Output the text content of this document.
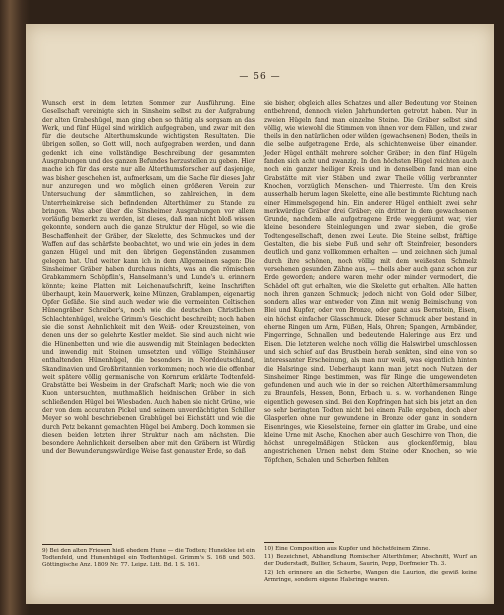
— 56 —

Wunsch erst in dem letzten Sommer zur Ausführung. Eine Gesellschaft vereinigte sich in Sinsheim selbst zu der Aufgrabung der alten Grabeshügel, man ging eben so thätig als sorgsam an das Werk, und fünf Hügel sind wirklich aufgegraben, und zwar mit den für die deutsche Alterthumskunde wichtigsten Resultaten. Die übrigen sollen, so Gott will, noch aufgegraben werden, und dann gedenkt ich eine vollständige Beschreibung der gesammten Ausgrabungen und des ganzen Befundes herzustellen zu geben. Hier mache ich für das erste nur alle Alterthumsforscher auf dasjenige, was bisher geschehen ist, aufmerksam, um die Sache für dieses Jahr nur anzuregen und wo möglich einen größeren Verein zur Untersuchung der sämmtlichen, so zahlreichen, in dem Unterrheinkreise sich befindenden Alterthümer zu Stande zu bringen. Was aber über die Sinsheimer Ausgrabungen vor allem vorläufig bemerkt zu werden, ist dieses, daß man nicht bloß wissen gekonnte, sondern auch die ganze Struktur der Hügel, so wie die Beschaffenheit der Gräber, der Skelette, des Schmuckes und der Waffen auf das schärfste beobachtet, wo und wie ein jedes in dem ganzen Hügel und mit den übrigen Gegenständen zusammen gelegen hat. Und weiter kann ich in dem Allgemeinen sagen: Die Sinsheimer Gräber haben durchaus nichts, was an die römischen Grabkammern Schöpflin's, Hanselmann's und Lunde's u. erinnern könnte; keine Platten mit Leichenaufschrift, keine Inschriften überhaupt, kein Mauerwerk, keine Münzen, Grablampen, eigenartig Opfer Gefäße. Sie sind auch weder wie die vermeinten Celtischen Hünengräber Schreiber's, noch wie die deutschen Christlichen Schlachtenhügel, welche Grimm's Geschicht beschreibt; noch haben sie die sonst Aehnlichkeit mit den Weiß- oder Kreuzsteinen, von denen uns der so gelehrte Kestler meldet. Sie sind auch nicht wie die Hünenbetten und wie die auswendig mit Steinlagen bedeckten und inwendig mit Steinen umsetzten und völlige Steinhäuser enthaltenden Hünenhügel, die besonders in Norddeutschland, Skandinavien und Großbritannien vorkommen; noch wie die offenbar weit spätere völlig germanische von Kornrum erklärte Todtenfeld-Grabstätte bei Wesbeim in der Grafschaft Mark; noch wie die von Kuon untersuchten, muthmaßlich heidnischen Gräber in sich schließenden Hügel bei Wiesbaden. Auch haben sie nicht Grüne, wie der von dem accuraten Pickel und seinem unverdächtigten Schiller Meyer so wohl beschriebenen Grabhügel bei Eichstätt und wie die durch Petz bekannt gemachten Hügel bei Amberg. Doch kommen sie diesen beiden letzten ihrer Struktur nach am nächsten. Die besondere Aehnlichkeit derselben aber mit den Gräbern ist Würdig und der Bewunderungswürdige Weise fast genauster Erde, so daß

sie bisher, obgleich alles Schatzes und aller Bedeutung vor Steinen entbehrend, dennoch vielen Jahrhunderten getrotzt haben. Nur in zweien Hügeln fand man einzelne Steine. Die Gräber selbst sind völlig, wie wiewohl die Stimmen von ihnen vor dem Fällen, und zwar theils in den natürlichen oder wilden (gewachsenen) Boden, theils in die selbe aufgetragene Erde, als schichtenweise über einander. Jeder Hügel enthält mehrere solcher Gräber; in den fünf Hügeln fanden sich acht und zwanzig. In den höchsten Hügel reichten auch noch ein ganzer heiliger Kreis und in denselben fand man eine Grabstätte mit vier Stäben und zwar Theile völlig verbrannter Knochen, vorzüglich Menschen- und Thierreste. Um den Kreis ausserhalb herum lagen Skelette, eine alle bestimmte Richtung nach einer Himmelsgegend hin. Ein anderer Hügel enthielt zwei sehr merkwürdige Gräber drei Gräber; ein dritter in dem gewachsenen Grunde, nachdem alle aufgetragene Erde weggeräumt war, vier kleine besondere Steinlegungen und zwar sieben, die große Todtengesellschaft, denen zwei Leute. Die Steine selbst, fräftige Gestalten, die bis siebe Fuß und sehr oft Steinfreier, besonders deutlich und ganz vollkommen erhalten — und zeichnen sich jumal durch ihre schönen, noch völlig mit dem weißesten Schmelz versehenen gesunden Zähne aus, — theils aber auch ganz schon zur Erde geworden; andere waren mehr oder minder vermodert, die Schädel oft gut erhalten, wie die Skelette gut erhalten. Alle hatten noch ihren ganzen Schmuck; jedoch nicht von Gold oder Silber, sondern alles war entweder von Zinn mit wenig Beimischung von Blei und Kupfer, oder von Bronze, oder ganz aus Bernstein, Eisen, ein höchst einfacher Glasschmuck. Dieser Schmuck aber bestand in eherne Ringen um Arm, Füßen, Hals, Ohren; Spangen, Armbänder, Fingerringe, Schnallen und bedeutende Haleringe aus Erz und Eisen. Die letzteren welche noch völlig die Halswirbel umschlossen und sich schief auf das Brustbein herab senkten, sind eine von so interessanter Erscheinung, als man nur weiß, was eigentlich hinten die Halsringe sind. Ueberhaupt kann man jetzt noch Nutzen der Sinsheimer Ringe bestimmen, was für Ringe die umgewendeten gefundenen und auch wie in der so reichen Alterthümersammlung zu Braunfels, Hessen, Bonn, Erbach u. s. w. vorhandenen Ringe eigentlich gewesen sind. Bei den Kopfringen hat sich bis jetzt an den so sehr beringten Todten nicht bei einem Falle ergeben, doch aber Glasperlen ohne nur gewundene in Bronze oder ganz in sondern Eisenringes, wie Kieselsteine, ferner ein glatter im Grabe, und eine kleine Urne mit Asche, Knochen aber auch Geschirre von Thon, die höchst unregelmäßigen Stücken aus glockenförmig, blau angestrichenen Urnen nebst dem Steine oder Knochen, so wie Töpfchen, Schalen und Scherben fehlten

9) Bei den alten Friesen hieß ehedem Hune — die Todten; Huneklee ist ein Todtenfeld, und Hunenhügel ein Todtenhügel. Grimm's S. 168 und 503. Göttingische Anz. 1809 Nr. 77. Leipz. Litt. Bd. 1 S. 161.

10) Eine Composition aus Kupfer und höchstfeinem Zinne.

11) Bezeichnet, Abhandlung Romischer Alterthümer, Abschnitt, Wurf an der Duderstadt, Bullier, Schaum, Saurin, Pepp, Dorfmeier Th. 3.

12) Ich erinnere an die Scherbe, Wangen die Laurion, die gewiß keine Armringe, sondern eigene Halsringe waren.
